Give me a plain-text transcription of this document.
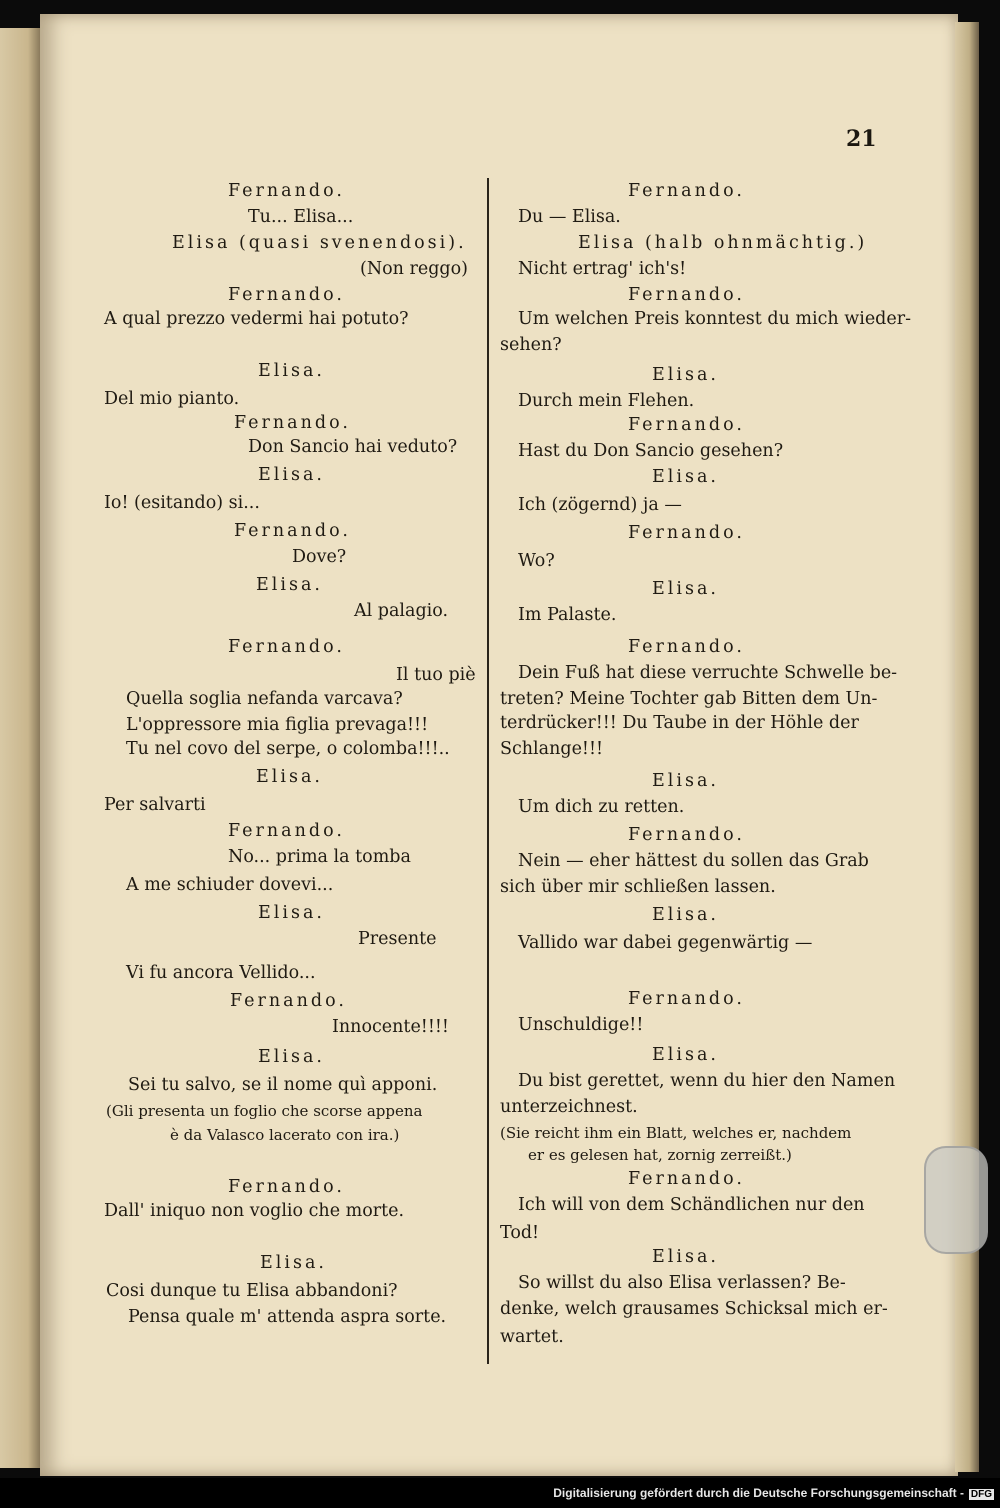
21
Fernando.
Tu... Elisa...
Elisa (quasi svenendosi).
(Non reggo)
Fernando.
A qual prezzo vedermi hai potuto?
Elisa.
Del mio pianto.
Fernando.
Don Sancio hai veduto?
Elisa.
Io! (esitando) si...
Fernando.
Dove?
Elisa.
Al palagio.
Fernando.
Il tuo piè
Quella soglia nefanda varcava?
L'oppressore mia figlia prevaga!!!
Tu nel covo del serpe, o colomba!!!..
Elisa.
Per salvarti
Fernando.
No... prima la tomba
A me schiuder dovevi...
Elisa.
Presente
Vi fu ancora Vellido...
Fernando.
Innocente!!!!
Elisa.
Sei tu salvo, se il nome quì apponi.
(Gli presenta un foglio che scorse appena
è da Valasco lacerato con ira.)
Fernando.
Dall' iniquo non voglio che morte.
Elisa.
Cosi dunque tu Elisa abbandoni?
Pensa quale m' attenda aspra sorte.
Fernando.
Du — Elisa.
Elisa (halb ohnmächtig.)
Nicht ertrag' ich's!
Fernando.
Um welchen Preis konntest du mich wieder-
sehen?
Elisa.
Durch mein Flehen.
Fernando.
Hast du Don Sancio gesehen?
Elisa.
Ich (zögernd) ja —
Fernando.
Wo?
Elisa.
Im Palaste.
Fernando.
Dein Fuß hat diese verruchte Schwelle be-
treten? Meine Tochter gab Bitten dem Un-
terdrücker!!! Du Taube in der Höhle der
Schlange!!!
Elisa.
Um dich zu retten.
Fernando.
Nein — eher hättest du sollen das Grab
sich über mir schließen lassen.
Elisa.
Vallido war dabei gegenwärtig —
Fernando.
Unschuldige!!
Elisa.
Du bist gerettet, wenn du hier den Namen
unterzeichnest.
(Sie reicht ihm ein Blatt, welches er, nachdem
er es gelesen hat, zornig zerreißt.)
Fernando.
Ich will von dem Schändlichen nur den
Tod!
Elisa.
So willst du also Elisa verlassen? Be-
denke, welch grausames Schicksal mich er-
wartet.
Digitalisierung gefördert durch die Deutsche Forschungsgemeinschaft - DFG
